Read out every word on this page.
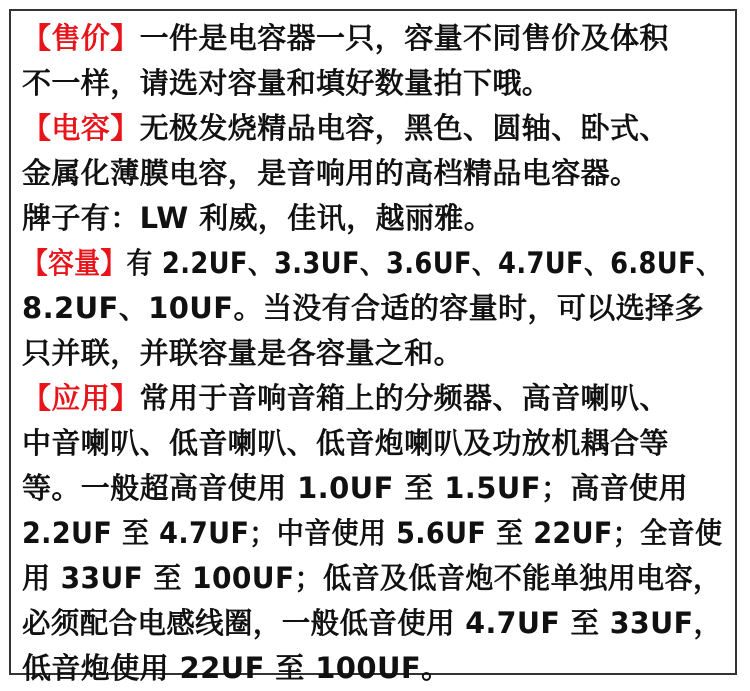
【售价】一件是电容器一只，容量不同售价及体积
不一样，请选对容量和填好数量拍下哦。
【电容】无极发烧精品电容，黑色、圆轴、卧式、
金属化薄膜电容，是音响用的高档精品电容器。
牌子有：LW 利威，佳讯，越丽雅。
【容量】有 2.2UF、3.3UF、3.6UF、4.7UF、6.8UF、
8.2UF、10UF。当没有合适的容量时，可以选择多
只并联，并联容量是各容量之和。
【应用】常用于音响音箱上的分频器、高音喇叭、
中音喇叭、低音喇叭、低音炮喇叭及功放机耦合等
等。一般超高音使用 1.0UF 至 1.5UF；高音使用
2.2UF 至 4.7UF；中音使用 5.6UF 至 22UF；全音使
用 33UF 至 100UF；低音及低音炮不能单独用电容，
必须配合电感线圈，一般低音使用 4.7UF 至 33UF，
低音炮使用 22UF 至 100UF。
